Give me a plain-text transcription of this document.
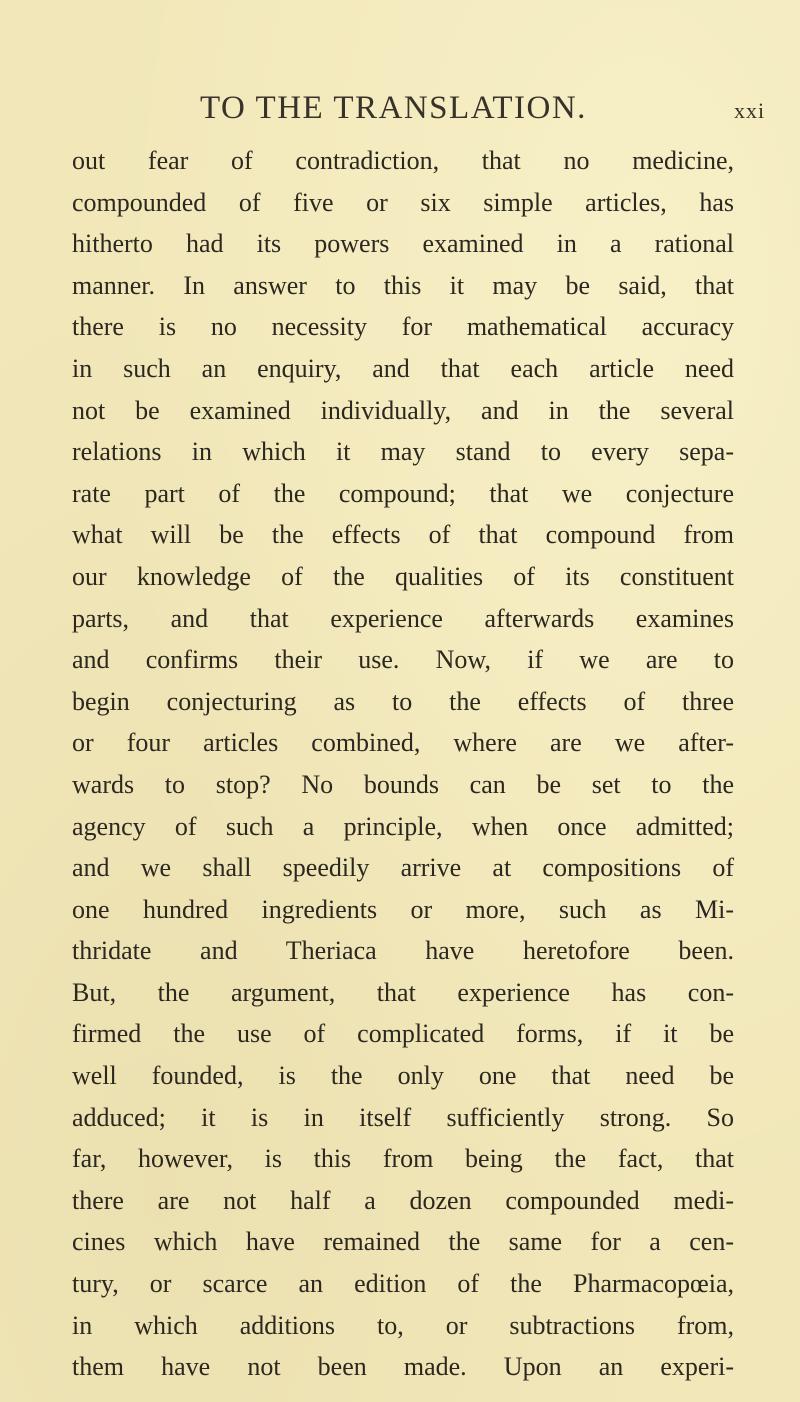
TO THE TRANSLATION.	xxi
out fear of contradiction, that no medicine,
compounded of five or six simple articles, has
hitherto had its powers examined in a rational
manner. In answer to this it may be said, that
there is no necessity for mathematical accuracy
in such an enquiry, and that each article need
not be examined individually, and in the several
relations in which it may stand to every sepa-
rate part of the compound; that we conjecture
what will be the effects of that compound from
our knowledge of the qualities of its constituent
parts, and that experience afterwards examines
and confirms their use. Now, if we are to
begin conjecturing as to the effects of three
or four articles combined, where are we after-
wards to stop? No bounds can be set to the
agency of such a principle, when once admitted;
and we shall speedily arrive at compositions of
one hundred ingredients or more, such as Mi-
thridate and Theriaca have heretofore been.
But, the argument, that experience has con-
firmed the use of complicated forms, if it be
well founded, is the only one that need be
adduced; it is in itself sufficiently strong. So
far, however, is this from being the fact, that
there are not half a dozen compounded medi-
cines which have remained the same for a cen-
tury, or scarce an edition of the Pharmacopœia,
in which additions to, or subtractions from,
them have not been made. Upon an experi-
